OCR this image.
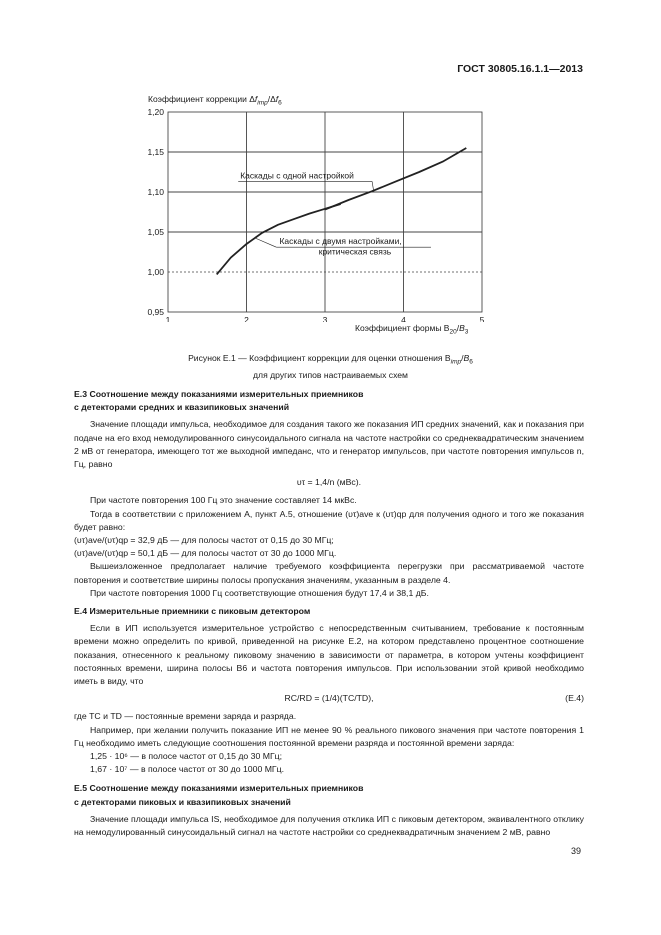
ГОСТ 30805.16.1.1—2013
Коэффициент коррекции $\Delta f_{imp}/\Delta f_6$
0,95
1,00
1,05
1,10
1,15
1,20
1	2	3	4	5
Каскады с одной настройкой
Каскады с двумя настройками,
критическая связь
Коэффициент формы $B_{20}/B_3$
Рисунок Е.1 — Коэффициент коррекции для оценки отношения $B_{imp}/B_6$
для других типов настраиваемых схем
Е.3 Соотношение между показаниями измерительных приемников
с детекторами средних и квазипиковых значений

Значение площади импульса, необходимое для создания такого же показания ИП средних значений, как и показания при подаче на его вход немодулированного синусоидального сигнала на частоте настройки со среднеквадратическим значением 2 мВ от генератора, имеющего тот же выходной импеданс, что и генератор импульсов, при частоте повторения импульсов n, Гц, равно

υτ = 1,4/n (мВс).

При частоте повторения 100 Гц это значение составляет 14 мкВс.

Тогда в соответствии с приложением А, пункт А.5, отношение (υτ)ave к (υτ)qp для получения одного и того же показания будет равно:

(υτ)ave/(υτ)qp = 32,9 дБ — для полосы частот от 0,15 до 30 МГц;

(υτ)ave/(υτ)qp = 50,1 дБ — для полосы частот от 30 до 1000 МГц.

Вышеизложенное предполагает наличие требуемого коэффициента перегрузки при рассматриваемой частоте повторения и соответствие ширины полосы пропускания значениям, указанным в разделе 4.

При частоте повторения 1000 Гц соответствующие отношения будут 17,4 и 38,1 дБ.

Е.4 Измерительные приемники с пиковым детектором

Если в ИП используется измерительное устройство с непосредственным считыванием, требование к постоянным времени можно определить по кривой, приведенной на рисунке Е.2, на котором представлено процентное соотношение показания, отнесенного к реальному пиковому значению в зависимости от параметра, в котором учтены коэффициент постоянных времени, ширина полосы B6 и частота повторения импульсов. При использовании этой кривой необходимо иметь в виду, что

RC/RD = (1/4)(TC/TD),	(Е.4)

где TC и TD — постоянные времени заряда и разряда.

Например, при желании получить показание ИП не менее 90 % реального пикового значения при частоте повторения 1 Гц необходимо иметь следующие соотношения постоянной времени разряда и постоянной времени заряда:

1,25 · 10⁶ — в полосе частот от 0,15 до 30 МГц;

1,67 · 10⁷ — в полосе частот от 30 до 1000 МГц.

Е.5 Соотношение между показаниями измерительных приемников
с детекторами пиковых и квазипиковых значений

Значение площади импульса IS, необходимое для получения отклика ИП с пиковым детектором, эквивалентного отклику на немодулированный синусоидальный сигнал на частоте настройки со среднеквадратичным значением 2 мВ, равно

39
